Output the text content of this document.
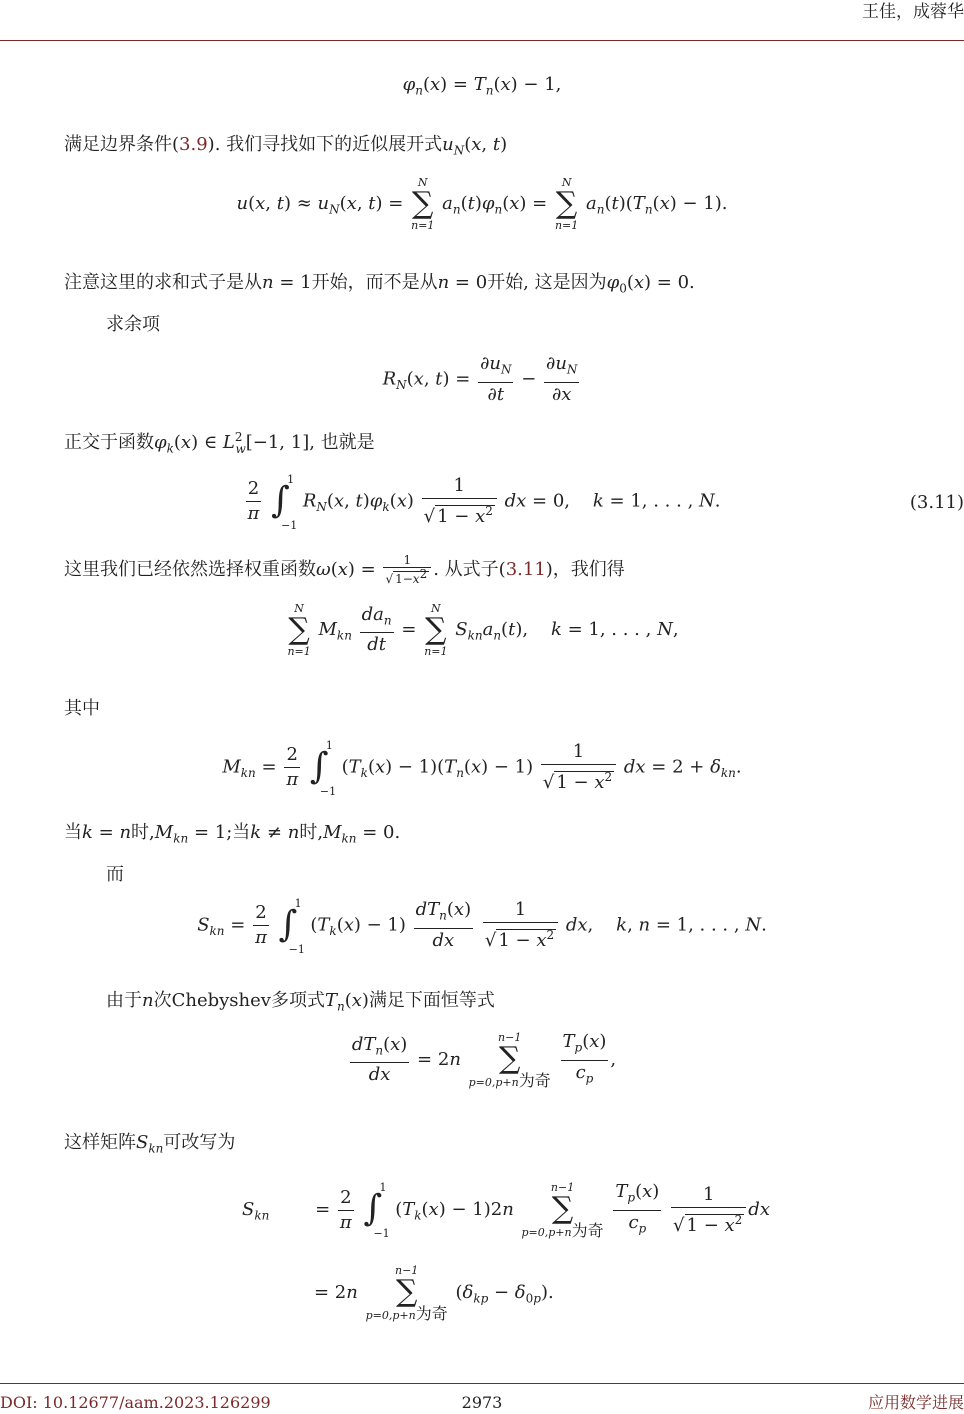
王佳，成蓉华
$\varphi_n(x) = T_n(x) - 1$,
满足边界条件(3.9). 我们寻找如下的近似展开式$u_N(x$, t)
u(x, $t) \approx u_N(x$, t) =
N
∑
n=1
$a_n(t)\varphi_n(x)$ =
N
∑
n=1
$a_n(t)(T_n(x) - 1)$.
注意这里的求和式子是从n = 1开始，而不是从n = 0开始, 这是因为$\varphi_0(x) = 0$.
求余项
$R_N(x$, $t) = \frac{\partial u_N}{\partial t} - \frac{\partial u_N}{\partial x}$
正交于函数$\varphi_k(x)$ ∈ $L^2_w[-1$, 1], 也就是
$\frac{2}{\pi}$
∫
1
−1
$R_N(x$, $t)\varphi_k(x) \frac{1}{√ 1 - x^2}$ dx = 0,    k = 1, . . . , N.	(3.11)
这里我们已经依然选择权重函数$\omega(x) = \frac{1}{√ 1-x^2}$ . 从式子(3.11)，我们得
N
∑
n=1
$M_{kn} \frac{da_n}{dt}$ =
N
∑
n=1
$S_{kn}a_n(t)$,    k = 1, . . . , N,
其中
$M_{kn} = \frac{2}{\pi}$
∫
1
−1
$(T_k(x) - 1)(T_n(x) - 1) \frac{1}{√ 1 - x^2}$ dx = $2 + \delta_{kn}$.
当k = n时$,M_{kn} = 1$;当k ≠ n时$,M_{kn} = 0$.
而
$S_{kn} = \frac{2}{\pi}$
∫
1
−1
$(T_k(x) - 1) \frac{dT_n(x)}{dx}$
$\frac{1}{√ 1 - x^2}$ dx,    k, n = 1, . . . , N.
由于n次Chebyshev多项式$T_n(x)$满足下面恒等式
$\frac{dT_n(x)}{dx} = 2n$
n−1
∑
p=0,p+n为奇
$\frac{T_p(x)}{c_p}$ ,
这样矩阵$S_{kn}$可改写为
$S_{kn}$	= $\frac{2}{\pi}$
∫
1
−1
$(T_k(x) - 1)2n$
n−1
∑
p=0,p+n为奇
$\frac{T_p(x)}{c_p}$
$\frac{1}{√ 1 - x^2}$ dx
= 2n
n−1
∑
p=0,p+n为奇
$(\delta_{kp} - \delta_{0p})$.
DOI: 10.12677/aam.2023.126299	2973	应用数学进展
